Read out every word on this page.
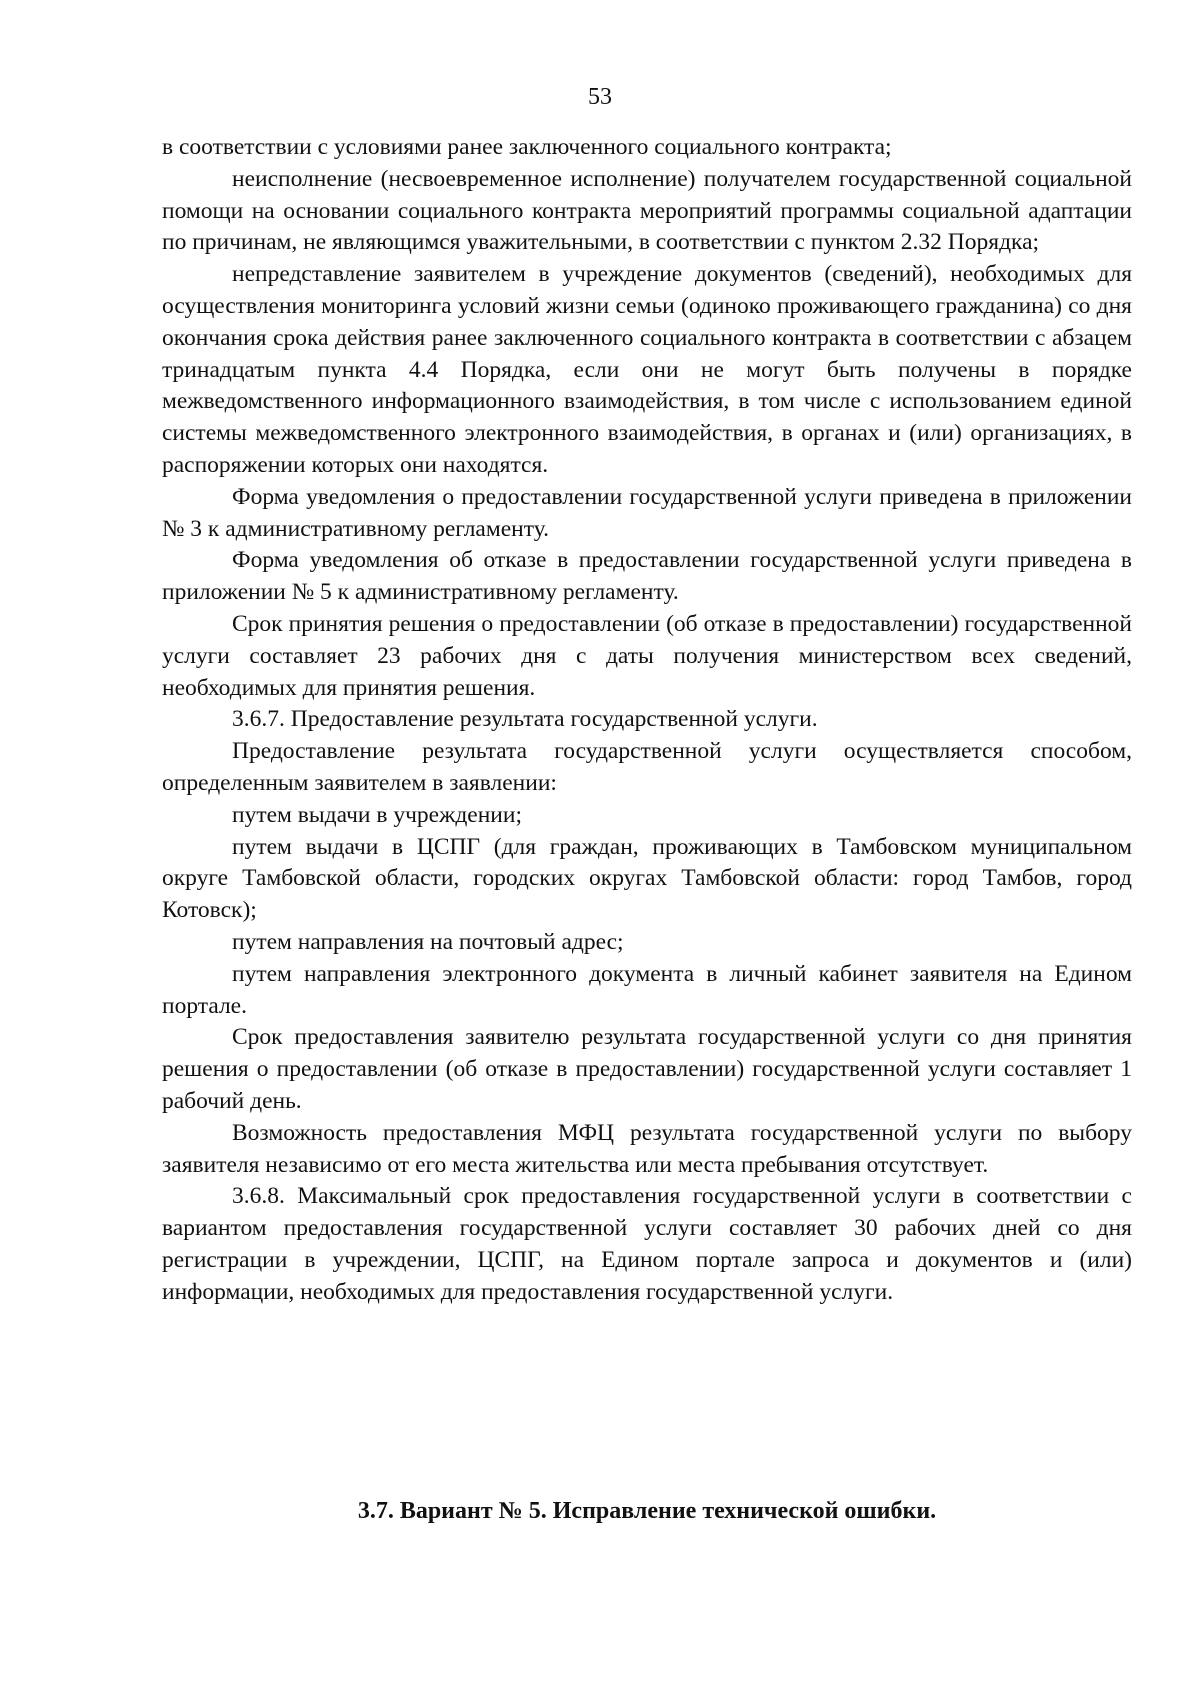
53

в соответствии с условиями ранее заключенного социального контракта;

неисполнение (несвоевременное исполнение) получателем государственной социальной помощи на основании социального контракта мероприятий программы социальной адаптации по причинам, не являющимся уважительными, в соответствии с пунктом 2.32 Порядка;

непредставление заявителем в учреждение документов (сведений), необходимых для осуществления мониторинга условий жизни семьи (одиноко проживающего гражданина) со дня окончания срока действия ранее заключенного социального контракта в соответствии с абзацем тринадцатым пункта 4.4 Порядка, если они не могут быть получены в порядке межведомственного информационного взаимодействия, в том числе с использованием единой системы межведомственного электронного взаимодействия, в органах и (или) организациях, в распоряжении которых они находятся.

Форма уведомления о предоставлении государственной услуги приведена в приложении № 3 к административному регламенту.

Форма уведомления об отказе в предоставлении государственной услуги приведена в приложении № 5 к административному регламенту.

Срок принятия решения о предоставлении (об отказе в предоставлении) государственной услуги составляет 23 рабочих дня с даты получения министерством всех сведений, необходимых для принятия решения.

3.6.7. Предоставление результата государственной услуги.

Предоставление результата государственной услуги осуществляется способом, определенным заявителем в заявлении:

путем выдачи в учреждении;

путем выдачи в ЦСПГ (для граждан, проживающих в Тамбовском муниципальном округе Тамбовской области, городских округах Тамбовской области: город Тамбов, город Котовск);

путем направления на почтовый адрес;

путем направления электронного документа в личный кабинет заявителя на Едином портале.

Срок предоставления заявителю результата государственной услуги со дня принятия решения о предоставлении (об отказе в предоставлении) государственной услуги составляет 1 рабочий день.

Возможность предоставления МФЦ результата государственной услуги по выбору заявителя независимо от его места жительства или места пребывания отсутствует.

3.6.8. Максимальный срок предоставления государственной услуги в соответствии с вариантом предоставления государственной услуги составляет 30 рабочих дней со дня регистрации в учреждении, ЦСПГ, на Едином портале запроса и документов и (или) информации, необходимых для предоставления государственной услуги.

3.7. Вариант № 5. Исправление технической ошибки.
